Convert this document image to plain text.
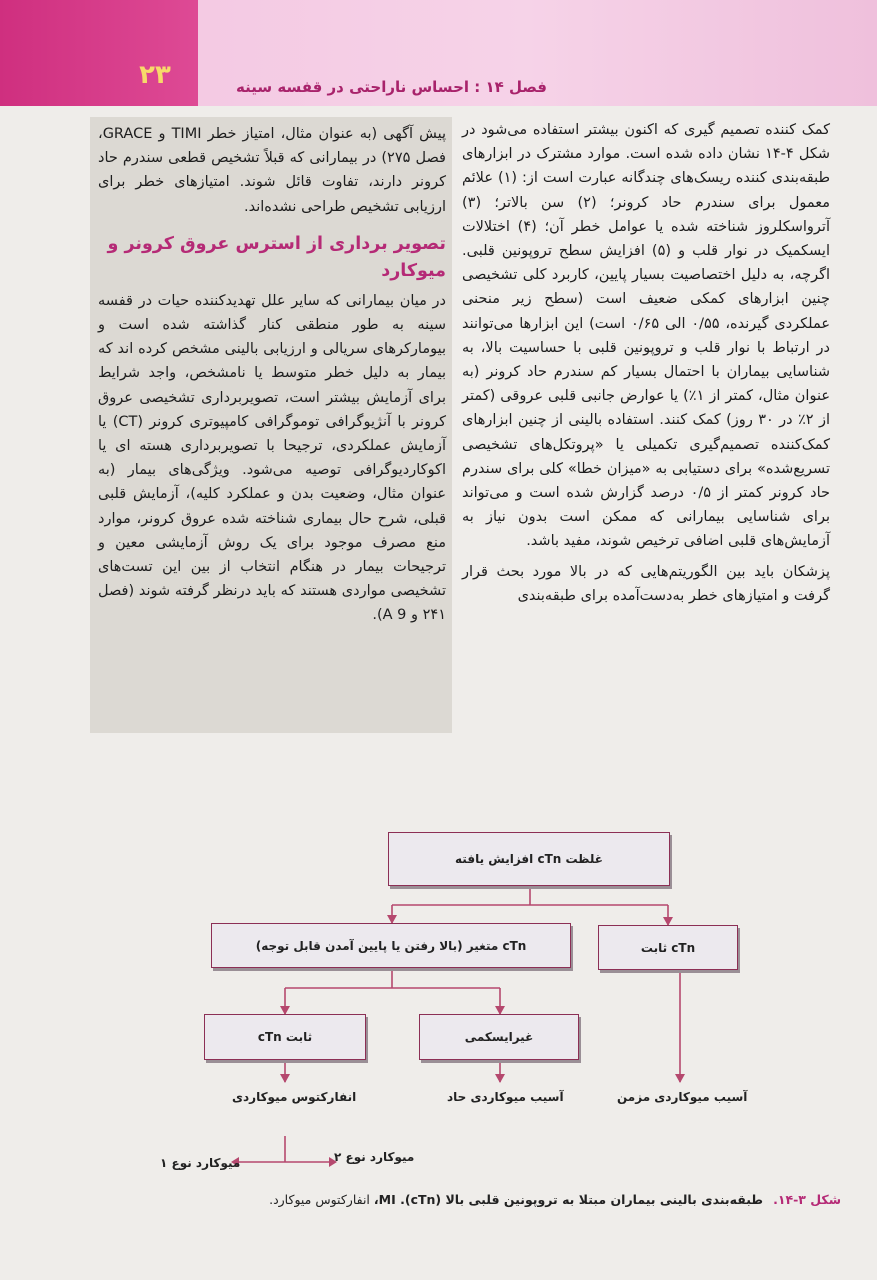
۲۳	فصل ۱۴ : احساس ناراحتی در قفسه سینه

کمک کننده تصمیم گیری که اکنون بیشتر استفاده می‌شود در شکل ۴-۱۴ نشان داده شده است. موارد مشترک در ابزارهای طبقه‌بندی کننده ریسک‌های چندگانه عبارت است از: (۱) علائم معمول برای سندرم حاد کرونر؛ (۲) سن بالاتر؛ (۳) آترواسکلروز شناخته شده یا عوامل خطر آن؛ (۴) اختلالات ایسکمیک در نوار قلب و (۵) افزایش سطح تروپونین قلبی. اگرچه، به دلیل اختصاصیت بسیار پایین، کاربرد کلی تشخیصی چنین ابزارهای کمکی ضعیف است (سطح زیر منحنی عملکردی گیرنده، ۰/۵۵ الی ۰/۶۵ است) این ابزارها می‌توانند در ارتباط با نوار قلب و تروپونین قلبی با حساسیت بالا، به شناسایی بیماران با احتمال بسیار کم سندرم حاد کرونر (به عنوان مثال، کمتر از ۱٪) یا عوارض جانبی قلبی عروقی (کمتر از ۲٪ در ۳۰ روز) کمک کنند. استفاده بالینی از چنین ابزارهای کمک‌کننده تصمیم‌گیری تکمیلی یا «پروتکل‌های تشخیصی تسریع‌شده» برای دستیابی به «میزان خطا» کلی برای سندرم حاد کرونر کمتر از ۰/۵ درصد گزارش شده است و می‌تواند برای شناسایی بیمارانی که ممکن است بدون نیاز به آزمایش‌های قلبی اضافی ترخیص شوند، مفید باشد.

پزشکان باید بین الگوریتم‌هایی که در بالا مورد بحث قرار گرفت و امتیازهای خطر به‌دست‌آمده برای طبقه‌بندی

پیش آگهی (به عنوان مثال، امتیاز خطر TIMI و GRACE، فصل ۲۷۵) در بیمارانی که قبلاً تشخیص قطعی سندرم حاد کرونر دارند، تفاوت قائل شوند. امتیازهای خطر برای ارزیابی تشخیص طراحی نشده‌اند.

تصویر برداری از استرس عروق کرونر و میوکارد

در میان بیمارانی که سایر علل تهدیدکننده حیات در قفسه سینه به طور منطقی کنار گذاشته شده است و بیومارکرهای سریالی و ارزیابی بالینی مشخص کرده اند که بیمار به دلیل خطر متوسط یا نامشخص، واجد شرایط برای آزمایش بیشتر است، تصویربرداری تشخیصی عروق کرونر با آنژیوگرافی توموگرافی کامپیوتری کرونر (CT) یا آزمایش عملکردی، ترجیحا با تصویربرداری هسته ای یا اکوکاردیوگرافی توصیه می‌شود. ویژگی‌های بیمار (به عنوان مثال، وضعیت بدن و عملکرد کلیه)، آزمایش قلبی قبلی، شرح حال بیماری شناخته شده عروق کرونر، موارد منع مصرف موجود برای یک روش آزمایشی معین و ترجیحات بیمار در هنگام انتخاب از بین این تست‌های تشخیصی مواردی هستند که باید درنظر گرفته شوند (فصل ۲۴۱ و A 9).

غلظت cTn افزایش یافته
cTn ثابت
cTn متغیر (بالا رفتن یا پایین آمدن قابل توجه)
ثابت cTn	غیرایسکمی
آسیب میوکاردی مزمن
آسیب میوکاردی حاد
انفارکتوس میوکاردی
میوکارد نوع ۲
میوکارد نوع ۱
شکل ۳-۱۴. طبقه‌بندی بالینی بیماران مبتلا به تروپونین قلبی بالا (cTn). MI، انفارکتوس میوکارد.
